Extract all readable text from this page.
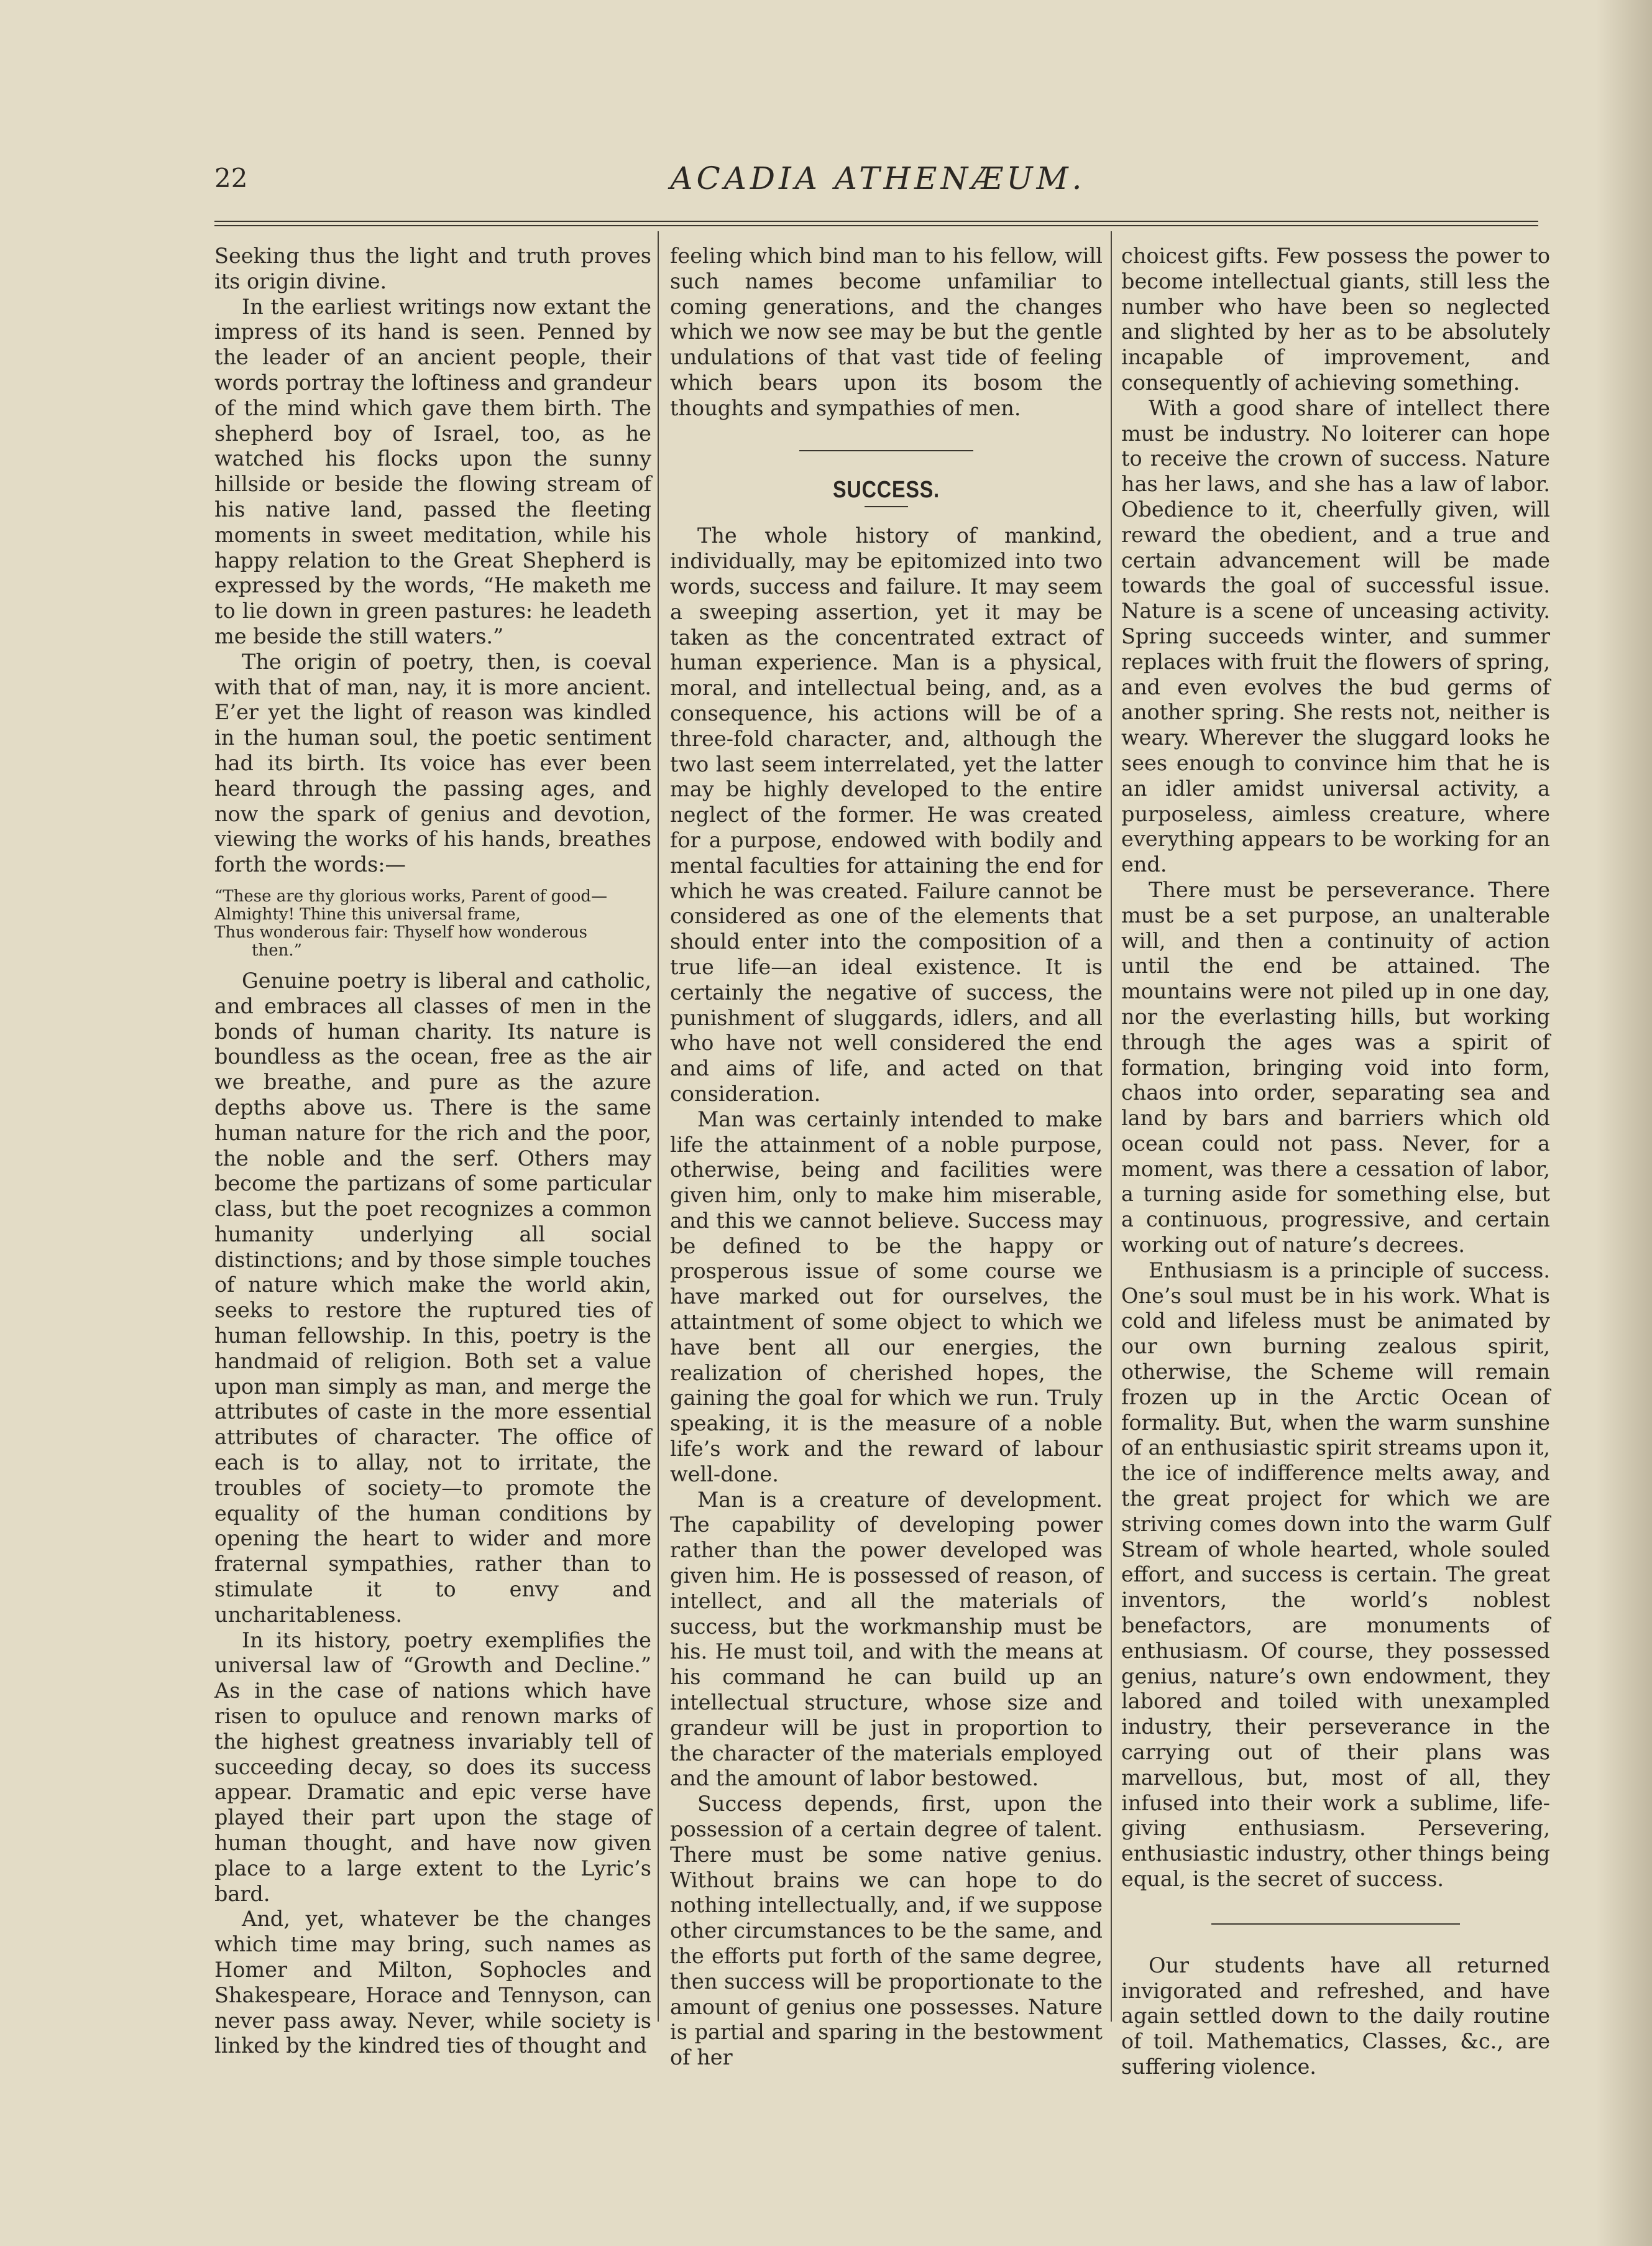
22	ACADIA ATHENÆUM.

Seeking thus the light and truth proves its origin divine.

In the earliest writings now extant the impress of its hand is seen. Penned by the leader of an ancient people, their words portray the loftiness and grandeur of the mind which gave them birth. The shepherd boy of Israel, too, as he watched his flocks upon the sunny hillside or beside the flowing stream of his native land, passed the fleeting moments in sweet meditation, while his happy relation to the Great Shepherd is expressed by the words, “He maketh me to lie down in green pastures: he leadeth me beside the still waters.”

The origin of poetry, then, is coeval with that of man, nay, it is more ancient. E’er yet the light of reason was kindled in the human soul, the poetic sentiment had its birth. Its voice has ever been heard through the passing ages, and now the spark of genius and devotion, viewing the works of his hands, breathes forth the words:—

“These are thy glorious works, Parent of good—
Almighty! Thine this universal frame,
Thus wonderous fair: Thyself how wonderous
then.”

Genuine poetry is liberal and catholic, and embraces all classes of men in the bonds of human charity. Its nature is boundless as the ocean, free as the air we breathe, and pure as the azure depths above us. There is the same human nature for the rich and the poor, the noble and the serf. Others may become the partizans of some particular class, but the poet recognizes a common humanity underlying all social distinctions; and by those simple touches of nature which make the world akin, seeks to restore the ruptured ties of human fellowship. In this, poetry is the handmaid of religion. Both set a value upon man simply as man, and merge the attributes of caste in the more essential attributes of character. The office of each is to allay, not to irritate, the troubles of society—to promote the equality of the human conditions by opening the heart to wider and more fraternal sympathies, rather than to stimulate it to envy and uncharitableness.

In its history, poetry exemplifies the universal law of “Growth and Decline.” As in the case of nations which have risen to opuluce and renown marks of the highest greatness invariably tell of succeeding decay, so does its success appear. Dramatic and epic verse have played their part upon the stage of human thought, and have now given place to a large extent to the Lyric’s bard.

And, yet, whatever be the changes which time may bring, such names as Homer and Milton, Sophocles and Shakespeare, Horace and Tennyson, can never pass away. Never, while society is linked by the kindred ties of thought and

feeling which bind man to his fellow, will such names become unfamiliar to coming generations, and the changes which we now see may be but the gentle undulations of that vast tide of feeling which bears upon its bosom the thoughts and sympathies of men.

SUCCESS.

The whole history of mankind, individually, may be epitomized into two words, success and failure. It may seem a sweeping assertion, yet it may be taken as the concentrated extract of human experience. Man is a physical, moral, and intellectual being, and, as a consequence, his actions will be of a three-fold character, and, although the two last seem interrelated, yet the latter may be highly developed to the entire neglect of the former. He was created for a purpose, endowed with bodily and mental faculties for attaining the end for which he was created. Failure cannot be considered as one of the elements that should enter into the composition of a true life—an ideal existence. It is certainly the negative of success, the punishment of sluggards, idlers, and all who have not well considered the end and aims of life, and acted on that consideration.

Man was certainly intended to make life the attainment of a noble purpose, otherwise, being and facilities were given him, only to make him miserable, and this we cannot believe. Success may be defined to be the happy or prosperous issue of some course we have marked out for ourselves, the attaintment of some object to which we have bent all our energies, the realization of cherished hopes, the gaining the goal for which we run. Truly speaking, it is the measure of a noble life’s work and the reward of labour well-done.

Man is a creature of development. The capability of developing power rather than the power developed was given him. He is possessed of reason, of intellect, and all the materials of success, but the workmanship must be his. He must toil, and with the means at his command he can build up an intellectual structure, whose size and grandeur will be just in proportion to the character of the materials employed and the amount of labor bestowed.

Success depends, first, upon the possession of a certain degree of talent. There must be some native genius. Without brains we can hope to do nothing intellectually, and, if we suppose other circumstances to be the same, and the efforts put forth of the same degree, then success will be proportionate to the amount of genius one possesses. Nature is partial and sparing in the bestowment of her

choicest gifts. Few possess the power to become intellectual giants, still less the number who have been so neglected and slighted by her as to be absolutely incapable of improvement, and consequently of achieving something.

With a good share of intellect there must be industry. No loiterer can hope to receive the crown of success. Nature has her laws, and she has a law of labor. Obedience to it, cheerfully given, will reward the obedient, and a true and certain advancement will be made towards the goal of successful issue. Nature is a scene of unceasing activity. Spring succeeds winter, and summer replaces with fruit the flowers of spring, and even evolves the bud germs of another spring. She rests not, neither is weary. Wherever the sluggard looks he sees enough to convince him that he is an idler amidst universal activity, a purposeless, aimless creature, where everything appears to be working for an end.

There must be perseverance. There must be a set purpose, an unalterable will, and then a continuity of action until the end be attained. The mountains were not piled up in one day, nor the everlasting hills, but working through the ages was a spirit of formation, bringing void into form, chaos into order, separating sea and land by bars and barriers which old ocean could not pass. Never, for a moment, was there a cessation of labor, a turning aside for something else, but a continuous, progressive, and certain working out of nature’s decrees.

Enthusiasm is a principle of success. One’s soul must be in his work. What is cold and lifeless must be animated by our own burning zealous spirit, otherwise, the Scheme will remain frozen up in the Arctic Ocean of formality. But, when the warm sunshine of an enthusiastic spirit streams upon it, the ice of indifference melts away, and the great project for which we are striving comes down into the warm Gulf Stream of whole hearted, whole souled effort, and success is certain. The great inventors, the world’s noblest benefactors, are monuments of enthusiasm. Of course, they possessed genius, nature’s own endowment, they labored and toiled with unexampled industry, their perseverance in the carrying out of their plans was marvellous, but, most of all, they infused into their work a sublime, life-giving enthusiasm. Persevering, enthusiastic industry, other things being equal, is the secret of success.

Our students have all returned invigorated and refreshed, and have again settled down to the daily routine of toil. Mathematics, Classes, &c., are suffering violence.
